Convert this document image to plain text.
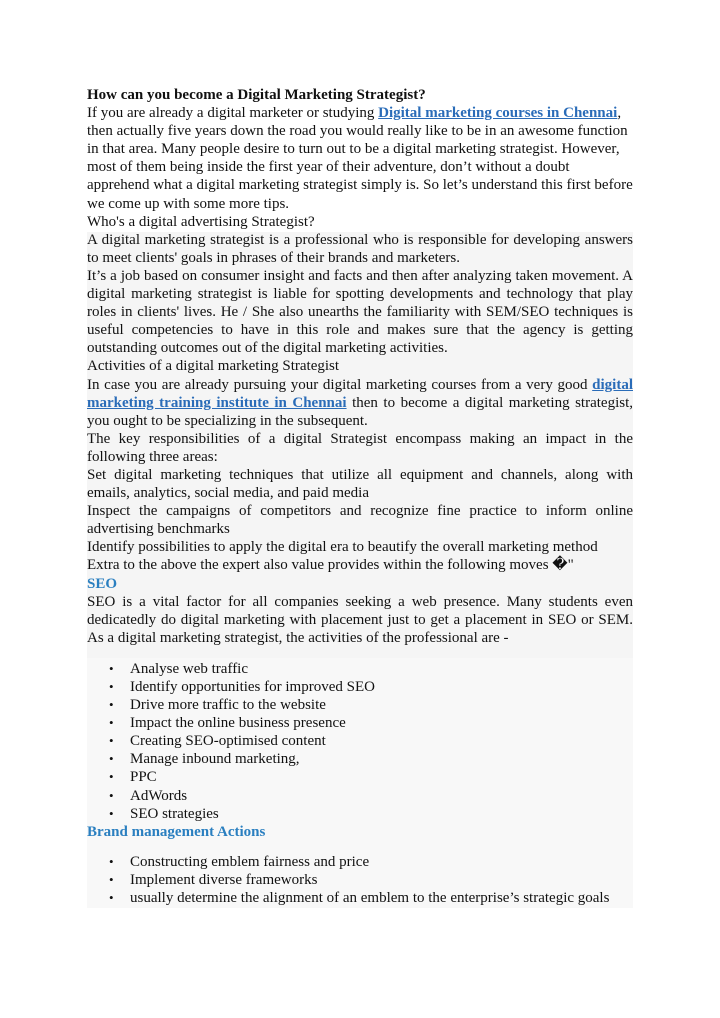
How can you become a Digital Marketing Strategist?

If you are already a digital marketer or studying Digital marketing courses in Chennai, then actually five years down the road you would really like to be in an awesome function in that area. Many people desire to turn out to be a digital marketing strategist. However, most of them being inside the first year of their adventure, don’t without a doubt apprehend what a digital marketing strategist simply is. So let’s understand this first before we come up with some more tips.

Who's a digital advertising Strategist?

A digital marketing strategist is a professional who is responsible for developing answers to meet clients' goals in phrases of their brands and marketers.

It’s a job based on consumer insight and facts and then after analyzing taken movement. A digital marketing strategist is liable for spotting developments and technology that play roles in clients' lives. He / She also unearths the familiarity with SEM/SEO techniques is useful competencies to have in this role and makes sure that the agency is getting outstanding outcomes out of the digital marketing activities.

Activities of a digital marketing Strategist

In case you are already pursuing your digital marketing courses from a very good digital marketing training institute in Chennai then to become a digital marketing strategist, you ought to be specializing in the subsequent.

The key responsibilities of a digital Strategist encompass making an impact in the following three areas:

Set digital marketing techniques that utilize all equipment and channels, along with emails, analytics, social media, and paid media

Inspect the campaigns of competitors and recognize fine practice to inform online advertising benchmarks

Identify possibilities to apply the digital era to beautify the overall marketing method

Extra to the above the expert also value provides within the following moves �"

SEO

SEO is a vital factor for all companies seeking a web presence. Many students even dedicatedly do digital marketing with placement just to get a placement in SEO or SEM. As a digital marketing strategist, the activities of the professional are -

• Analyse web traffic
• Identify opportunities for improved SEO
• Drive more traffic to the website
• Impact the online business presence
• Creating SEO-optimised content
• Manage inbound marketing,
• PPC
• AdWords
• SEO strategies

Brand management Actions

• Constructing emblem fairness and price
• Implement diverse frameworks
• usually determine the alignment of an emblem to the enterprise’s strategic goals
